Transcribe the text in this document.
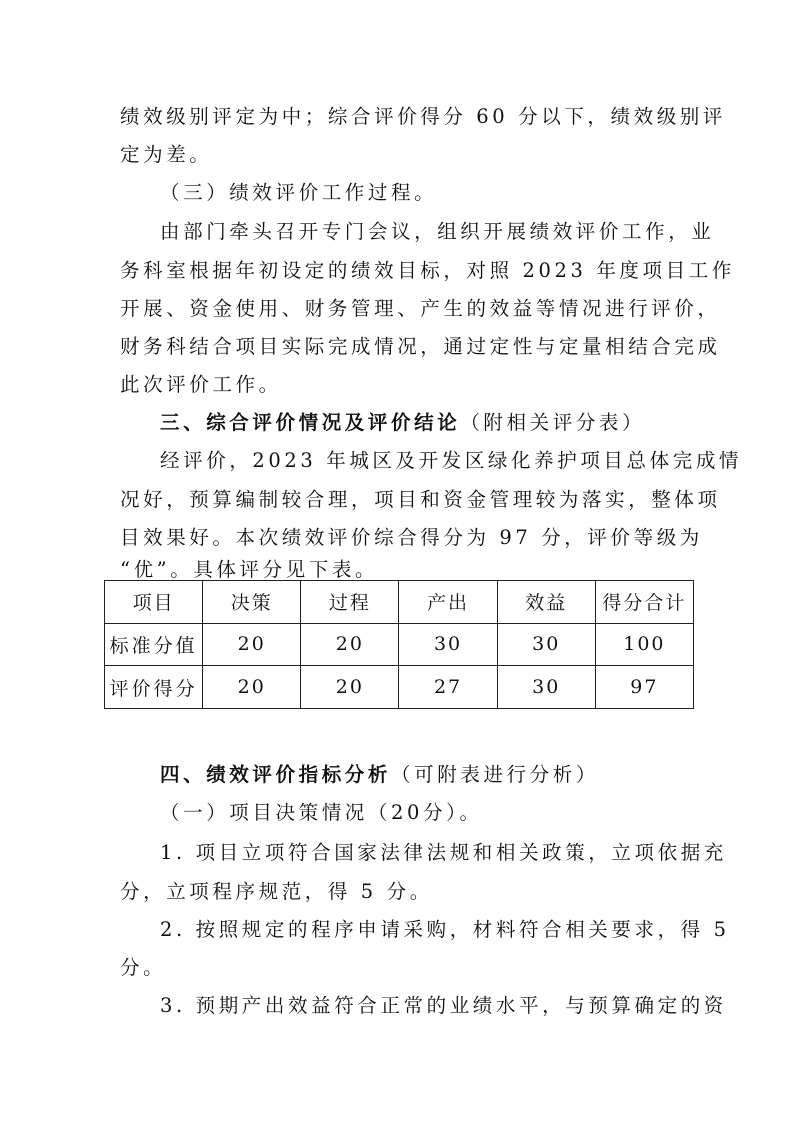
绩效级别评定为中；综合评价得分 60 分以下，绩效级别评
定为差。
（三）绩效评价工作过程。
由部门牵头召开专门会议，组织开展绩效评价工作，业
务科室根据年初设定的绩效目标，对照 2023 年度项目工作
开展、资金使用、财务管理、产生的效益等情况进行评价，
财务科结合项目实际完成情况，通过定性与定量相结合完成
此次评价工作。
三、综合评价情况及评价结论（附相关评分表）
经评价，2023 年城区及开发区绿化养护项目总体完成情
况好，预算编制较合理，项目和资金管理较为落实，整体项
目效果好。本次绩效评价综合得分为 97 分，评价等级为
“优”。具体评分见下表。
项目	决策	过程	产出	效益	得分合计
标准分值	20	20	30	30	100
评价得分	20	20	27	30	97
四、绩效评价指标分析（可附表进行分析）
（一）项目决策情况（20分）。
1. 项目立项符合国家法律法规和相关政策，立项依据充
分，立项程序规范，得 5 分。
2. 按照规定的程序申请采购，材料符合相关要求，得 5
分。
3. 预期产出效益符合正常的业绩水平，与预算确定的资
